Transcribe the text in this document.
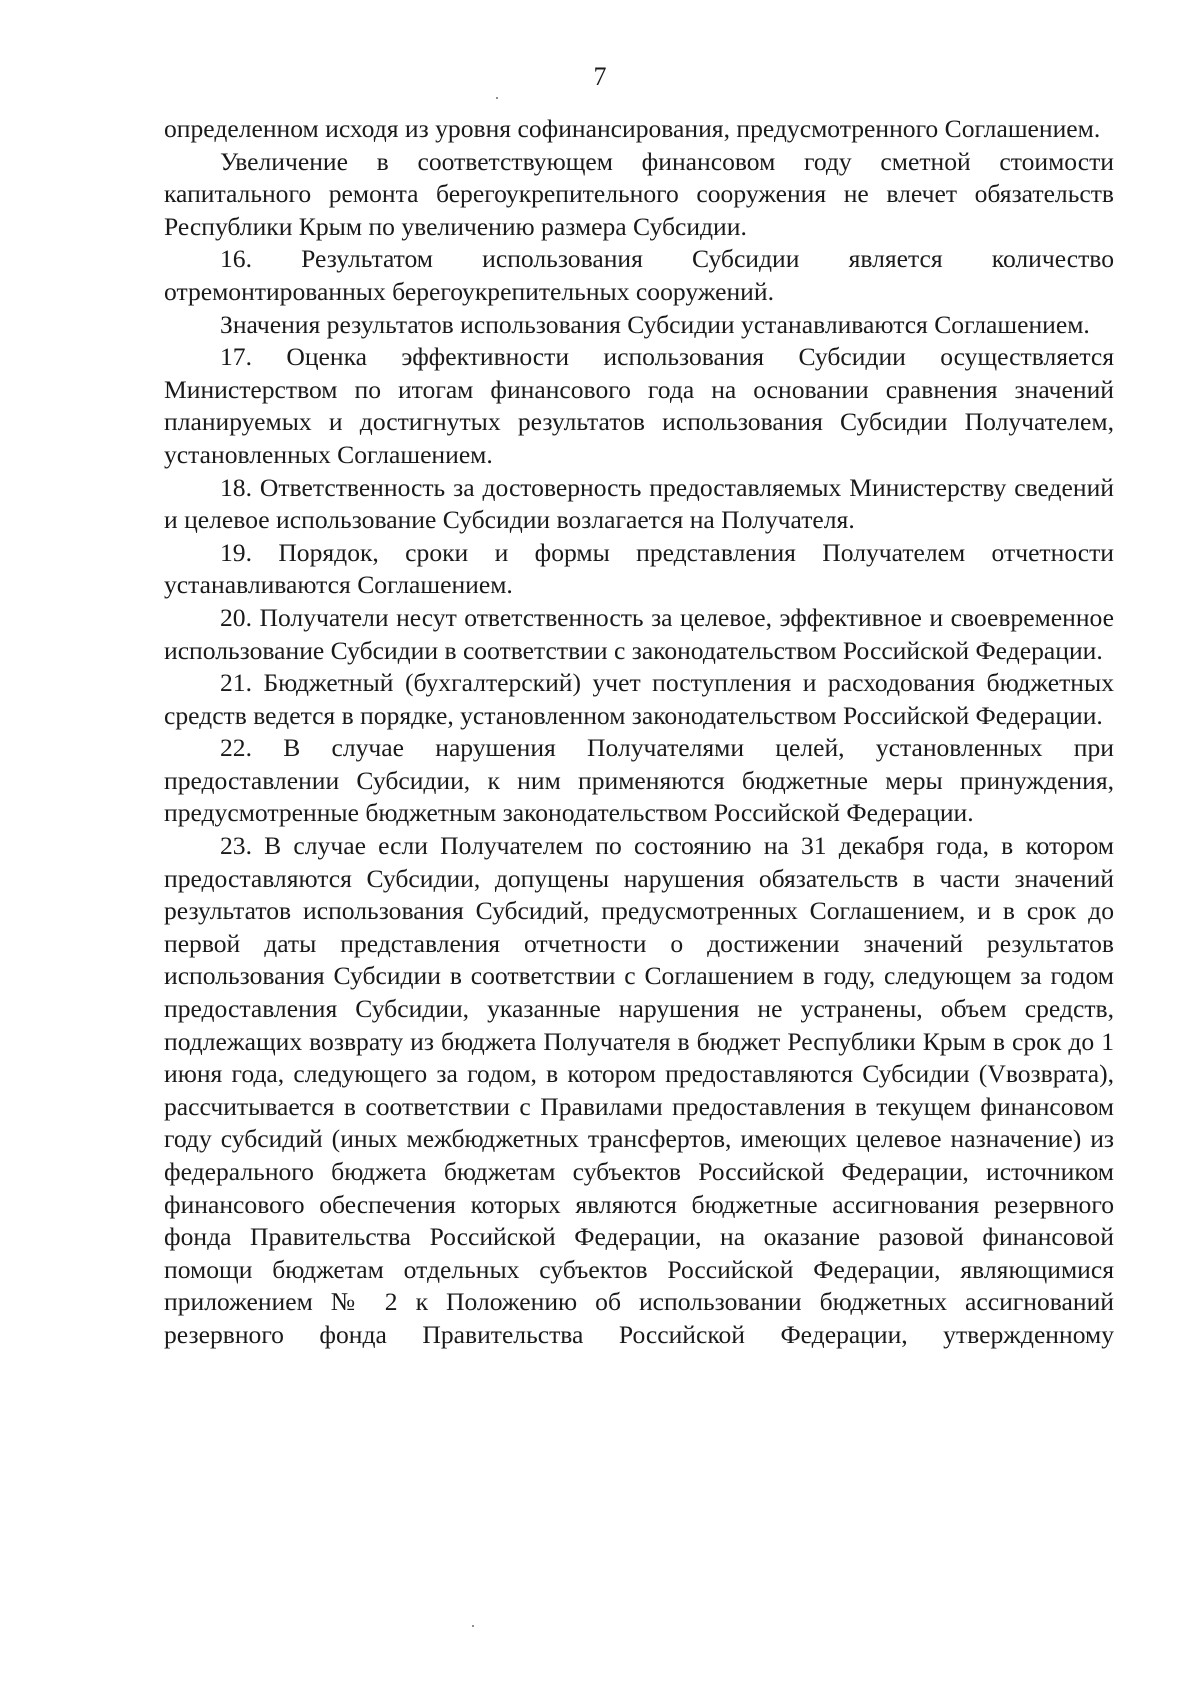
7

определенном исходя из уровня софинансирования, предусмотренного Соглашением.

Увеличение в соответствующем финансовом году сметной стоимости капитального ремонта берегоукрепительного сооружения не влечет обязательств Республики Крым по увеличению размера Субсидии.

16. Результатом использования Субсидии является количество отремонтированных берегоукрепительных сооружений.

Значения результатов использования Субсидии устанавливаются Соглашением.

17. Оценка эффективности использования Субсидии осуществляется Министерством по итогам финансового года на основании сравнения значений планируемых и достигнутых результатов использования Субсидии Получателем, установленных Соглашением.

18. Ответственность за достоверность предоставляемых Министерству сведений и целевое использование Субсидии возлагается на Получателя.

19. Порядок, сроки и формы представления Получателем отчетности устанавливаются Соглашением.

20. Получатели несут ответственность за целевое, эффективное и своевременное использование Субсидии в соответствии с законодательством Российской Федерации.

21. Бюджетный (бухгалтерский) учет поступления и расходования бюджетных средств ведется в порядке, установленном законодательством Российской Федерации.

22. В случае нарушения Получателями целей, установленных при предоставлении Субсидии, к ним применяются бюджетные меры принуждения, предусмотренные бюджетным законодательством Российской Федерации.

23. В случае если Получателем по состоянию на 31 декабря года, в котором предоставляются Субсидии, допущены нарушения обязательств в части значений результатов использования Субсидий, предусмотренных Соглашением, и в срок до первой даты представления отчетности о достижении значений результатов использования Субсидии в соответствии с Соглашением в году, следующем за годом предоставления Субсидии, указанные нарушения не устранены, объем средств, подлежащих возврату из бюджета Получателя в бюджет Республики Крым в срок до 1 июня года, следующего за годом, в котором предоставляются Субсидии (Vвозврата), рассчитывается в соответствии с Правилами предоставления в текущем финансовом году субсидий (иных межбюджетных трансфертов, имеющих целевое назначение) из федерального бюджета бюджетам субъектов Российской Федерации, источником финансового обеспечения которых являются бюджетные ассигнования резервного фонда Правительства Российской Федерации, на оказание разовой финансовой помощи бюджетам отдельных субъектов Российской Федерации, являющимися приложением № 2 к Положению об использовании бюджетных ассигнований резервного фонда Правительства Российской Федерации, утвержденному
